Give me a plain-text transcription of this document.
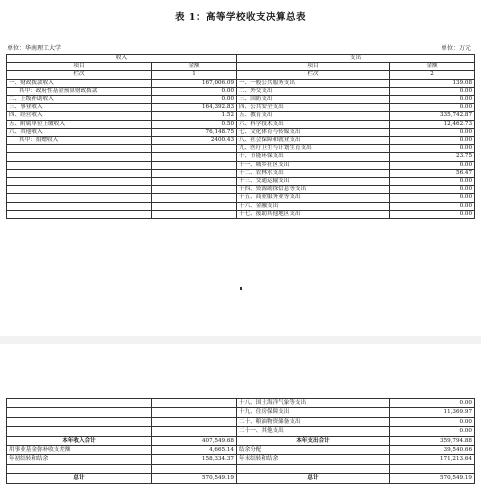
表 1：高等学校收支决算总表
单位：华南理工大学	单位：万元
收入		支出	
项目	金额	项目	金额
栏次	1	栏次	2
一、财政拨款收入	167,006.09	一、一般公共服务支出	139.08
其中：政府性基金预算财政拨款	0.00	二、外交支出	0.00
二、上级补助收入	0.00	三、国防支出	0.00
三、事业收入	164,392.83	四、公共安全支出	0.00
四、经营收入	1.52	五、教育支出	335,742.87
五、附属单位上缴收入	0.50	六、科学技术支出	12,462.73
六、其他收入	76,148.75	七、文化体育与传媒支出	0.00
其中：捐赠收入	2400.43	八、社会保障和就业支出	0.00
		九、医疗卫生与计划生育支出	0.00
		十、节能环保支出	23.75
		十一、城乡社区支出	0.00
		十二、农林水支出	56.47
		十三、交通运输支出	0.00
		十四、资源勘探信息等支出	0.00
		十五、商业服务业等支出	0.00
		十六、金融支出	0.00
		十七、援助其他地区支出	0.00
		十八、国土海洋气象等支出	0.00
		十九、住房保障支出	11,369.97
		二十、粮油物资储备支出	0.00
		二十一、其他支出	0.00
本年收入合计	407,549.68	本年支出合计	359,794.88
用事业基金弥补收支差额	4,665.14	结余分配	39,540.66
年初结转和结余	158,334.37	年末结转和结余	171,213.64

总计	570,549.19	总计	570,549.19
